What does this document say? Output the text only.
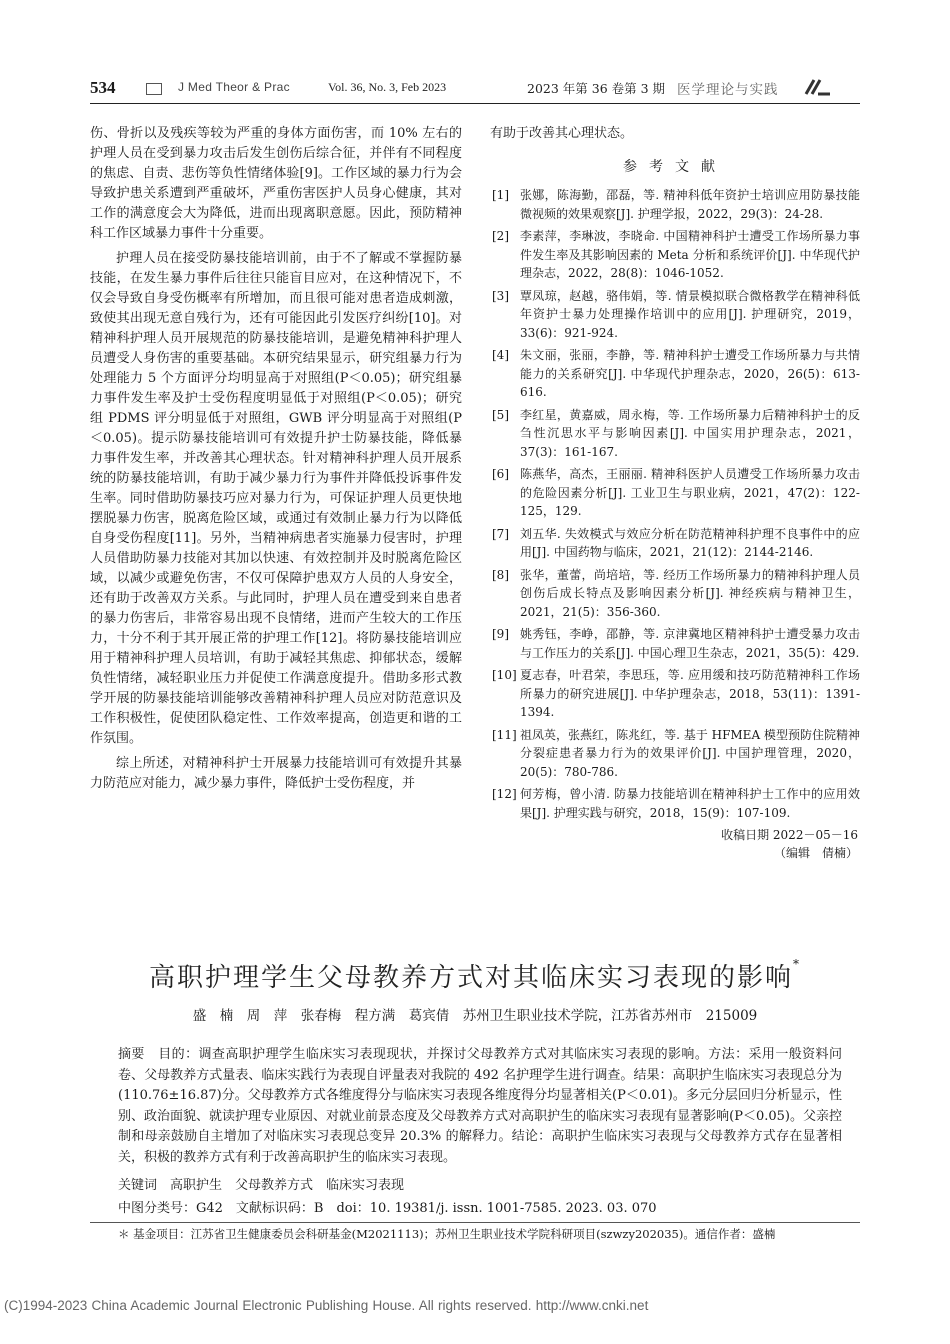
534	J Med Theor & Prac	Vol. 36, No. 3, Feb 2023	2023 年第 36 卷第 3 期 医学理论与实践

伤、骨折以及残疾等较为严重的身体方面伤害，而 10% 左右的护理人员在受到暴力攻击后发生创伤后综合征，并伴有不同程度的焦虑、自责、悲伤等负性情绪体验[9]。工作区域的暴力行为会导致护患关系遭到严重破坏，严重伤害医护人员身心健康，其对工作的满意度会大为降低，进而出现离职意愿。因此，预防精神科工作区域暴力事件十分重要。

护理人员在接受防暴技能培训前，由于不了解或不掌握防暴技能，在发生暴力事件后往往只能盲目应对，在这种情况下，不仅会导致自身受伤概率有所增加，而且很可能对患者造成刺激，致使其出现无意自残行为，还有可能因此引发医疗纠纷[10]。对精神科护理人员开展规范的防暴技能培训，是避免精神科护理人员遭受人身伤害的重要基础。本研究结果显示，研究组暴力行为处理能力 5 个方面评分均明显高于对照组(P＜0.05)；研究组暴力事件发生率及护士受伤程度明显低于对照组(P＜0.05)；研究组 PDMS 评分明显低于对照组，GWB 评分明显高于对照组(P＜0.05)。提示防暴技能培训可有效提升护士防暴技能，降低暴力事件发生率，并改善其心理状态。针对精神科护理人员开展系统的防暴技能培训，有助于减少暴力行为事件并降低投诉事件发生率。同时借助防暴技巧应对暴力行为，可保证护理人员更快地摆脱暴力伤害，脱离危险区域，或通过有效制止暴力行为以降低自身受伤程度[11]。另外，当精神病患者实施暴力侵害时，护理人员借助防暴力技能对其加以快速、有效控制并及时脱离危险区域，以减少或避免伤害，不仅可保障护患双方人员的人身安全，还有助于改善双方关系。与此同时，护理人员在遭受到来自患者的暴力伤害后，非常容易出现不良情绪，进而产生较大的工作压力，十分不利于其开展正常的护理工作[12]。将防暴技能培训应用于精神科护理人员培训，有助于减轻其焦虑、抑郁状态，缓解负性情绪，减轻职业压力并促使工作满意度提升。借助多形式教学开展的防暴技能培训能够改善精神科护理人员应对防范意识及工作积极性，促使团队稳定性、工作效率提高，创造更和谐的工作氛围。

综上所述，对精神科护士开展暴力技能培训可有效提升其暴力防范应对能力，减少暴力事件，降低护士受伤程度，并

有助于改善其心理状态。

参考文献
[1] 张娜，陈海勤，邵磊，等. 精神科低年资护士培训应用防暴技能微视频的效果观察[J]. 护理学报，2022，29(3)：24-28.
[2] 李素萍，李琳波，李晓命. 中国精神科护士遭受工作场所暴力事件发生率及其影响因素的 Meta 分析和系统评价[J]. 中华现代护理杂志，2022，28(8)：1046-1052.
[3] 覃凤琼，赵越，骆伟娟，等. 情景模拟联合微格教学在精神科低年资护士暴力处理操作培训中的应用[J]. 护理研究，2019，33(6)：921-924.
[4] 朱文丽，张丽，李静，等. 精神科护士遭受工作场所暴力与共情能力的关系研究[J]. 中华现代护理杂志，2020，26(5)：613-616.
[5] 李红星，黄嘉威，周永梅，等. 工作场所暴力后精神科护士的反刍性沉思水平与影响因素[J]. 中国实用护理杂志，2021，37(3)：161-167.
[6] 陈燕华，高杰，王丽丽. 精神科医护人员遭受工作场所暴力攻击的危险因素分析[J]. 工业卫生与职业病，2021，47(2)：122-125，129.
[7] 刘五华. 失效模式与效应分析在防范精神科护理不良事件中的应用[J]. 中国药物与临床，2021，21(12)：2144-2146.
[8] 张华，董蕾，尚培培，等. 经历工作场所暴力的精神科护理人员创伤后成长特点及影响因素分析[J]. 神经疾病与精神卫生，2021，21(5)：356-360.
[9] 姚秀钰，李峥，邵静，等. 京津冀地区精神科护士遭受暴力攻击与工作压力的关系[J]. 中国心理卫生杂志，2021，35(5)：429.
[10] 夏志春，叶君荣，李思珏，等. 应用缓和技巧防范精神科工作场所暴力的研究进展[J]. 中华护理杂志，2018，53(11)：1391-1394.
[11] 祖凤英，张燕红，陈兆红，等. 基于 HFMEA 模型预防住院精神分裂症患者暴力行为的效果评价[J]. 中国护理管理，2020，20(5)：780-786.
[12] 何芳梅，曾小清. 防暴力技能培训在精神科护士工作中的应用效果[J]. 护理实践与研究，2018，15(9)：107-109.
收稿日期 2022－05－16
（编辑　倩楠）
高职护理学生父母教养方式对其临床实习表现的影响*
盛　楠　周　萍　张春梅　程方满　葛宾倩　苏州卫生职业技术学院，江苏省苏州市　215009
摘要　 目的：调查高职护理学生临床实习表现现状，并探讨父母教养方式对其临床实习表现的影响。方法：采用一般资料问卷、父母教养方式量表、临床实践行为表现自评量表对我院的 492 名护理学生进行调查。结果：高职护生临床实习表现总分为(110.76±16.87)分。父母教养方式各维度得分与临床实习表现各维度得分均显著相关(P＜0.01)。多元分层回归分析显示，性别、政治面貌、就读护理专业原因、对就业前景态度及父母教养方式对高职护生的临床实习表现有显著影响(P＜0.05)。父亲控制和母亲鼓励自主增加了对临床实习表现总变异 20.3% 的解释力。结论：高职护生临床实习表现与父母教养方式存在显著相关，积极的教养方式有利于改善高职护生的临床实习表现。
关键词　 高职护生　父母教养方式　临床实习表现
中图分类号：G42　文献标识码：B　doi：10. 19381/j. issn. 1001-7585. 2023. 03. 070
＊ 基金项目：江苏省卫生健康委员会科研基金(M2021113)；苏州卫生职业技术学院科研项目(szwzy202035)。通信作者：盛楠
(C)1994-2023 China Academic Journal Electronic Publishing House. All rights reserved. http://www.cnki.net
